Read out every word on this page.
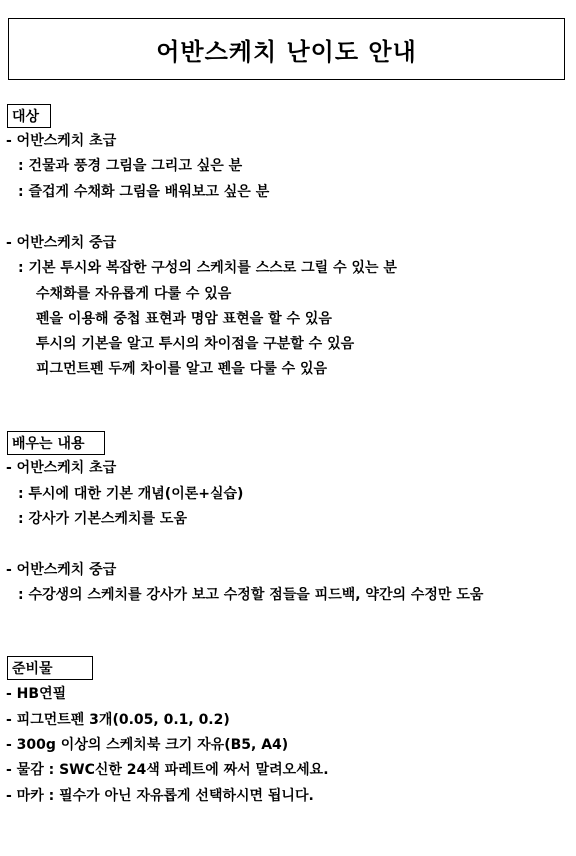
어반스케치 난이도 안내
대상
- 어반스케치 초급
: 건물과 풍경 그림을 그리고 싶은 분
: 즐겁게 수채화 그림을 배워보고 싶은 분
- 어반스케치 중급
: 기본 투시와 복잡한 구성의 스케치를 스스로 그릴 수 있는 분
수채화를 자유롭게 다룰 수 있음
펜을 이용해 중첩 표현과 명암 표현을 할 수 있음
투시의 기본을 알고 투시의 차이점을 구분할 수 있음
피그먼트펜 두께 차이를 알고 펜을 다룰 수 있음
배우는 내용
- 어반스케치 초급
: 투시에 대한 기본 개념(이론+실습)
: 강사가 기본스케치를 도움
- 어반스케치 중급
: 수강생의 스케치를 강사가 보고 수정할 점들을 피드백, 약간의 수정만 도움
준비물
- HB연필
- 피그먼트펜 3개(0.05, 0.1, 0.2)
- 300g 이상의 스케치북 크기 자유(B5, A4)
- 물감 : SWC신한 24색 파레트에 짜서 말려오세요.
- 마카 : 필수가 아닌 자유롭게 선택하시면 됩니다.
